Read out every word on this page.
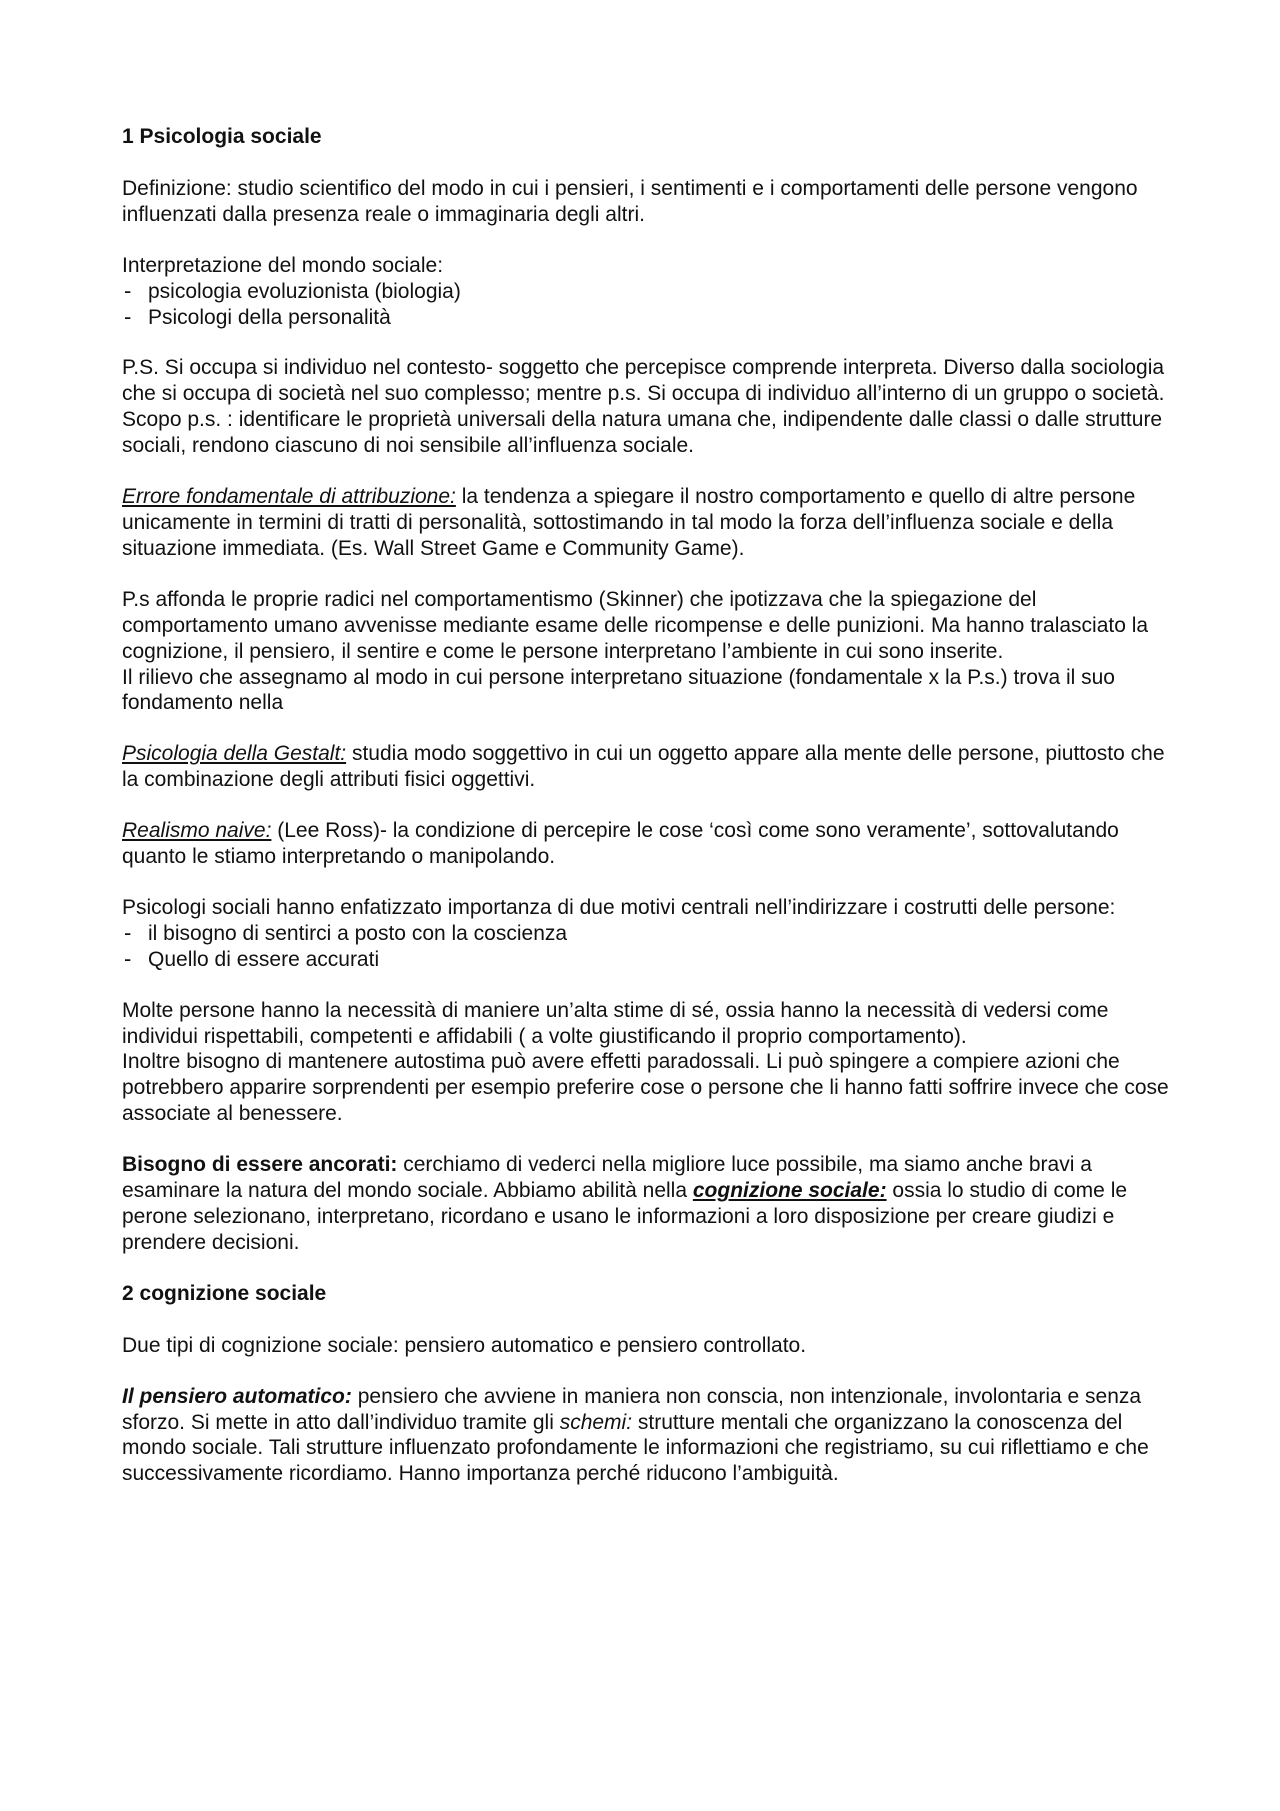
1 Psicologia sociale

Definizione: studio scientifico del modo in cui i pensieri, i sentimenti e i comportamenti delle persone vengono influenzati dalla presenza reale o immaginaria degli altri.

Interpretazione del mondo sociale:

- psicologia evoluzionista (biologia)
- Psicologi della personalità

P.S. Si occupa si individuo nel contesto- soggetto che percepisce comprende interpreta. Diverso dalla sociologia che si occupa di società nel suo complesso; mentre p.s. Si occupa di individuo all’interno di un gruppo o società. Scopo p.s. : identificare le proprietà universali della natura umana che, indipendente dalle classi o dalle strutture sociali, rendono ciascuno di noi sensibile all’influenza sociale.

Errore fondamentale di attribuzione: la tendenza a spiegare il nostro comportamento e quello di altre persone unicamente in termini di tratti di personalità, sottostimando in tal modo la forza dell’influenza sociale e della situazione immediata. (Es. Wall Street Game e Community Game).

P.s affonda le proprie radici nel comportamentismo (Skinner) che ipotizzava che la spiegazione del comportamento umano avvenisse mediante esame delle ricompense e delle punizioni. Ma hanno tralasciato la cognizione, il pensiero, il sentire e come le persone interpretano l’ambiente in cui sono inserite.

Il rilievo che assegnamo al modo in cui persone interpretano situazione (fondamentale x la P.s.) trova il suo fondamento nella

Psicologia della Gestalt: studia modo soggettivo in cui un oggetto appare alla mente delle persone, piuttosto che la combinazione degli attributi fisici oggettivi.

Realismo naive: (Lee Ross)- la condizione di percepire le cose ‘così come sono veramente’, sottovalutando quanto le stiamo interpretando o manipolando.

Psicologi sociali hanno enfatizzato importanza di due motivi centrali nell’indirizzare i costrutti delle persone:

- il bisogno di sentirci a posto con la coscienza
- Quello di essere accurati

Molte persone hanno la necessità di maniere un’alta stime di sé, ossia hanno la necessità di vedersi come individui rispettabili, competenti e affidabili ( a volte giustificando il proprio comportamento).

Inoltre bisogno di mantenere autostima può avere effetti paradossali. Li può spingere a compiere azioni che potrebbero apparire sorprendenti per esempio preferire cose o persone che li hanno fatti soffrire invece che cose associate al benessere.

Bisogno di essere ancorati: cerchiamo di vederci nella migliore luce possibile, ma siamo anche bravi a esaminare la natura del mondo sociale. Abbiamo abilità nella cognizione sociale: ossia lo studio di come le perone selezionano, interpretano, ricordano e usano le informazioni a loro disposizione per creare giudizi e prendere decisioni.

2 cognizione sociale

Due tipi di cognizione sociale: pensiero automatico e pensiero controllato.

Il pensiero automatico: pensiero che avviene in maniera non conscia, non intenzionale, involontaria e senza sforzo. Si mette in atto dall’individuo tramite gli schemi: strutture mentali che organizzano la conoscenza del mondo sociale. Tali strutture influenzato profondamente le informazioni che registriamo, su cui riflettiamo e che successivamente ricordiamo. Hanno importanza perché riducono l’ambiguità.
